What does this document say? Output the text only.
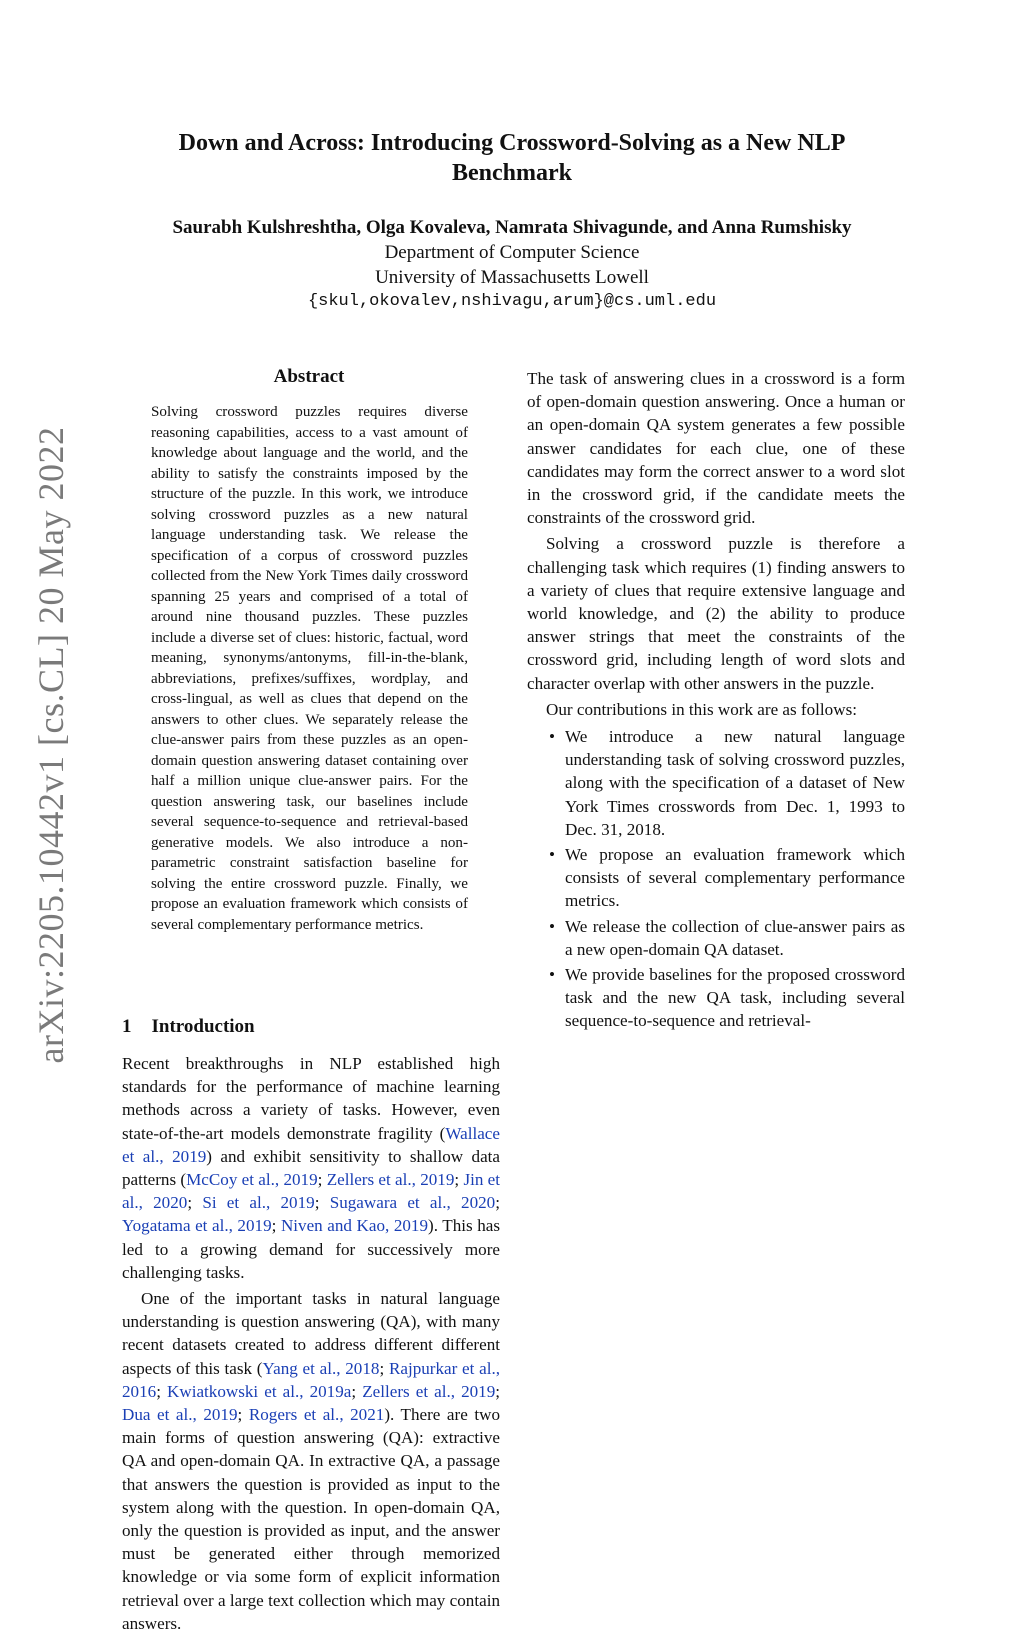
arXiv:2205.10442v1 [cs.CL] 20 May 2022
Down and Across: Introducing Crossword-Solving as a New NLP Benchmark
Saurabh Kulshreshtha, Olga Kovaleva, Namrata Shivagunde, and Anna Rumshisky
Department of Computer Science
University of Massachusetts Lowell
{skul,okovalev,nshivagu,arum}@cs.uml.edu
Abstract
Solving crossword puzzles requires diverse reasoning capabilities, access to a vast amount of knowledge about language and the world, and the ability to satisfy the constraints imposed by the structure of the puzzle. In this work, we introduce solving crossword puzzles as a new natural language understanding task. We release the specification of a corpus of crossword puzzles collected from the New York Times daily crossword spanning 25 years and comprised of a total of around nine thousand puzzles. These puzzles include a diverse set of clues: historic, factual, word meaning, synonyms/antonyms, fill-in-the-blank, abbreviations, prefixes/suffixes, wordplay, and cross-lingual, as well as clues that depend on the answers to other clues. We separately release the clue-answer pairs from these puzzles as an open-domain question answering dataset containing over half a million unique clue-answer pairs. For the question answering task, our baselines include several sequence-to-sequence and retrieval-based generative models. We also introduce a non-parametric constraint satisfaction baseline for solving the entire crossword puzzle. Finally, we propose an evaluation framework which consists of several complementary performance metrics.
1 Introduction

Recent breakthroughs in NLP established high standards for the performance of machine learning methods across a variety of tasks. However, even state-of-the-art models demonstrate fragility (Wallace et al., 2019) and exhibit sensitivity to shallow data patterns (McCoy et al., 2019; Zellers et al., 2019; Jin et al., 2020; Si et al., 2019; Sugawara et al., 2020; Yogatama et al., 2019; Niven and Kao, 2019). This has led to a growing demand for successively more challenging tasks.

One of the important tasks in natural language understanding is question answering (QA), with many recent datasets created to address different different aspects of this task (Yang et al., 2018; Rajpurkar et al., 2016; Kwiatkowski et al., 2019a; Zellers et al., 2019; Dua et al., 2019; Rogers et al., 2021). There are two main forms of question answering (QA): extractive QA and open-domain QA. In extractive QA, a passage that answers the question is provided as input to the system along with the question. In open-domain QA, only the question is provided as input, and the answer must be generated either through memorized knowledge or via some form of explicit information retrieval over a large text collection which may contain answers.

The task of answering clues in a crossword is a form of open-domain question answering. Once a human or an open-domain QA system generates a few possible answer candidates for each clue, one of these candidates may form the correct answer to a word slot in the crossword grid, if the candidate meets the constraints of the crossword grid.

Solving a crossword puzzle is therefore a challenging task which requires (1) finding answers to a variety of clues that require extensive language and world knowledge, and (2) the ability to produce answer strings that meet the constraints of the crossword grid, including length of word slots and character overlap with other answers in the puzzle.

Our contributions in this work are as follows:

• We introduce a new natural language understanding task of solving crossword puzzles, along with the specification of a dataset of New York Times crosswords from Dec. 1, 1993 to Dec. 31, 2018.
• We propose an evaluation framework which consists of several complementary performance metrics.
• We release the collection of clue-answer pairs as a new open-domain QA dataset.
• We provide baselines for the proposed crossword task and the new QA task, including several sequence-to-sequence and retrieval-
